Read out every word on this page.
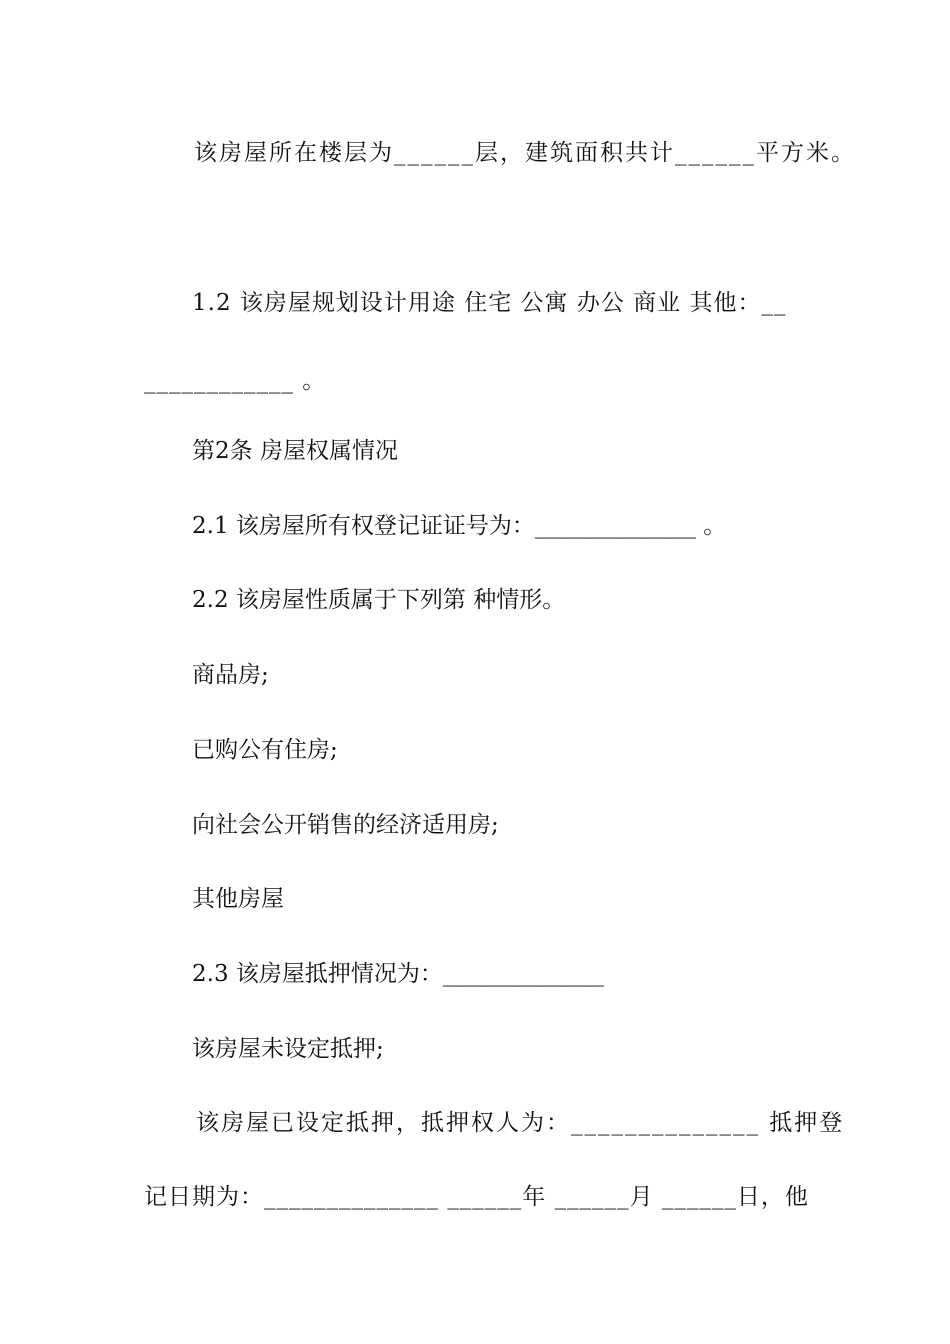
该房屋所在楼层为______层，建筑面积共计______平方米。

1.2 该房屋规划设计用途 住宅 公寓 办公 商业 其他：__

____________ 。

第2条 房屋权属情况

2.1 该房屋所有权登记证证号为：______________ 。

2.2 该房屋性质属于下列第 种情形。

商品房;

已购公有住房;

向社会公开销售的经济适用房;

其他房屋

2.3 该房屋抵押情况为：______________

该房屋未设定抵押;

该房屋已设定抵押，抵押权人为：______________ 抵押登

记日期为：______________ ______年 ______月 ______日，他
